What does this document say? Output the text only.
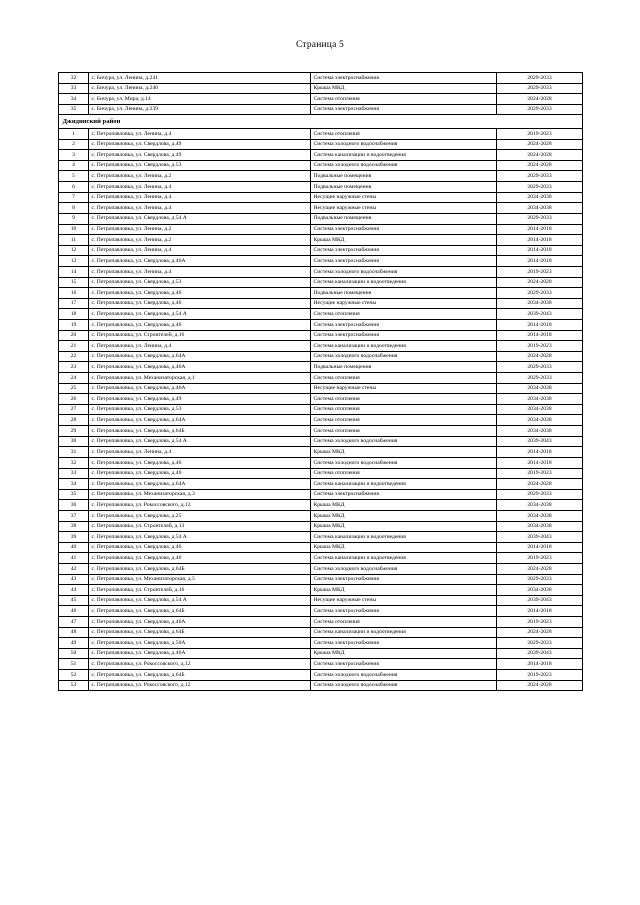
Страница 5
32	с. Бичура, ул. Ленина, д.241	Система электроснабжения	2029-2033
33	с. Бичура, ул. Ленина, д.240	Крыша МКД	2029-2033
34	с. Бичура, ул. Мира, д.14	Система отопления	2024-2028
35	с. Бичура, ул. Ленина, д.239	Система электроснабжения	2029-2033
Джидинский район			
1	с. Петропавловка, ул. Ленина, д.4	Система отопления	2019-2023
2	с. Петропавловка, ул. Свердлова, д.49	Система холодного водоснабжения	2024-2028
3	с. Петропавловка, ул. Свердлова, д.49	Система канализации и водоотведения	2024-2028
4	с. Петропавловка, ул. Свердлова, д.53	Система холодного водоснабжения	2024-2028
5	с. Петропавловка, ул. Ленина, д.2	Подвальные помещения	2029-2033
6	с. Петропавловка, ул. Ленина, д.4	Подвальные помещения	2029-2033
7	с. Петропавловка, ул. Ленина, д.4	Несущие наружные стены	2034-2038
8	с. Петропавловка, ул. Ленина, д.4	Несущие наружные стены	2034-2038
9	с. Петропавловка, ул. Свердлова, д.54 А	Подвальные помещения	2029-2033
10	с. Петропавловка, ул. Ленина, д.2	Система электроснабжения	2014-2018
11	с. Петропавловка, ул. Ленина, д.2	Крыша МКД	2014-2018
12	с. Петропавловка, ул. Ленина, д.4	Система электроснабжения	2014-2018
13	с. Петропавловка, ул. Свердлова, д.46А	Система электроснабжения	2014-2018
14	с. Петропавловка, ул. Ленина, д.4	Система холодного водоснабжения	2019-2023
15	с. Петропавловка, ул. Свердлова, д.53	Система канализации и водоотведения	2024-2028
16	с. Петропавловка, ул. Свердлова, д.46	Подвальные помещения	2029-2033
17	с. Петропавловка, ул. Свердлова, д.46	Несущие наружные стены	2034-2038
18	с. Петропавловка, ул. Свердлова, д.54 А	Система отопления	2039-2043
19	с. Петропавловка, ул. Свердлова, д.46	Система электроснабжения	2014-2018
20	с. Петропавловка, ул. Строителей, д.16	Система электроснабжения	2014-2018
21	с. Петропавловка, ул. Ленина, д.4	Система канализации и водоотведения	2019-2023
22	с. Петропавловка, ул. Свердлова, д.64А	Система холодного водоснабжения	2024-2028
23	с. Петропавловка, ул. Свердлова, д.46А	Подвальные помещения	2029-2033
24	с. Петропавловка, ул. Механизаторская, д.1	Система отопления	2029-2033
25	с. Петропавловка, ул. Свердлова, д.46А	Несущие наружные стены	2034-2038
26	с. Петропавловка, ул. Свердлова, д.49	Система отопления	2034-2038
27	с. Петропавловка, ул. Свердлова, д.53	Система отопления	2034-2038
28	с. Петропавловка, ул. Свердлова, д.64А	Система отопления	2034-2038
29	с. Петропавловка, ул. Свердлова, д.64Б	Система отопления	2034-2038
30	с. Петропавловка, ул. Свердлова, д.54 А	Система холодного водоснабжения	2039-2043
31	с. Петропавловка, ул. Ленина, д.4	Крыша МКД	2014-2018
32	с. Петропавловка, ул. Свердлова, д.46	Система холодного водоснабжения	2014-2018
33	с. Петропавловка, ул. Свердлова, д.46	Система отопления	2019-2023
34	с. Петропавловка, ул. Свердлова, д.64А	Система канализации и водоотведения	2024-2028
35	с. Петропавловка, ул. Механизаторская, д.3	Система электроснабжения	2029-2033
36	с. Петропавловка, ул. Рокоссовского, д.12	Крыша МКД	2034-2038
37	с. Петропавловка, ул. Свердлова, д.25	Крыша МКД	2034-2038
38	с. Петропавловка, ул. Строителей, д.13	Крыша МКД	2034-2038
39	с. Петропавловка, ул. Свердлова, д.54 А	Система канализации и водоотведения	2039-2043
40	с. Петропавловка, ул. Свердлова, д.46	Крыша МКД	2014-2018
41	с. Петропавловка, ул. Свердлова, д.46	Система канализации и водоотведения	2019-2023
42	с. Петропавловка, ул. Свердлова, д.64Б	Система холодного водоснабжения	2024-2028
43	с. Петропавловка, ул. Механизаторская, д.5	Система электроснабжения	2029-2033
44	с. Петропавловка, ул. Строителей, д.16	Крыша МКД	2034-2038
45	с. Петропавловка, ул. Свердлова, д.54 А	Несущие наружные стены	2039-2043
46	с. Петропавловка, ул. Свердлова, д.64Б	Система электроснабжения	2014-2018
47	с. Петропавловка, ул. Свердлова, д.46А	Система отопления	2019-2023
48	с. Петропавловка, ул. Свердлова, д.64Б	Система канализации и водоотведения	2024-2028
49	с. Петропавловка, ул. Свердлова, д.50А	Система электроснабжения	2029-2033
50	с. Петропавловка, ул. Свердлова, д.46А	Крыша МКД	2039-2043
51	с. Петропавловка, ул. Рокоссовского, д.12	Система электроснабжения	2014-2018
52	с. Петропавловка, ул. Свердлова, д.64Б	Система холодного водоснабжения	2019-2023
53	с. Петропавловка, ул. Рокоссовского, д.12	Система холодного водоснабжения	2024-2028
